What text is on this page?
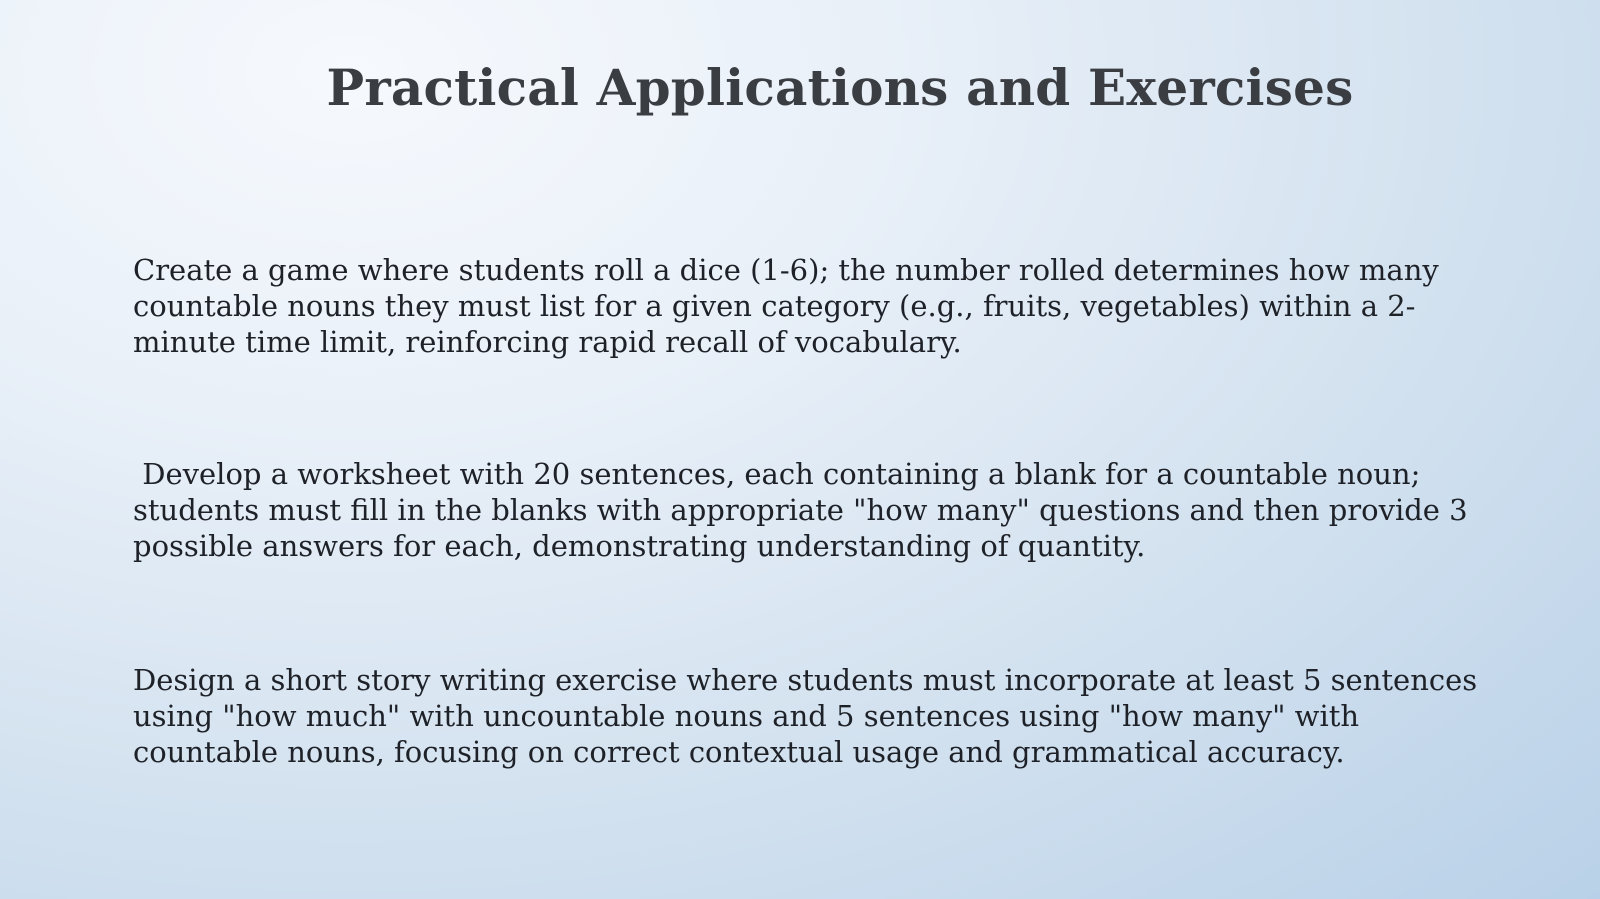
Practical Applications and Exercises

Create a game where students roll a dice (1-6); the number rolled determines how many countable nouns they must list for a given category (e.g., fruits, vegetables) within a 2-minute time limit, reinforcing rapid recall of vocabulary.

Develop a worksheet with 20 sentences, each containing a blank for a countable noun; students must fill in the blanks with appropriate "how many" questions and then provide 3 possible answers for each, demonstrating understanding of quantity.

Design a short story writing exercise where students must incorporate at least 5 sentences using "how much" with uncountable nouns and 5 sentences using "how many" with countable nouns, focusing on correct contextual usage and grammatical accuracy.
